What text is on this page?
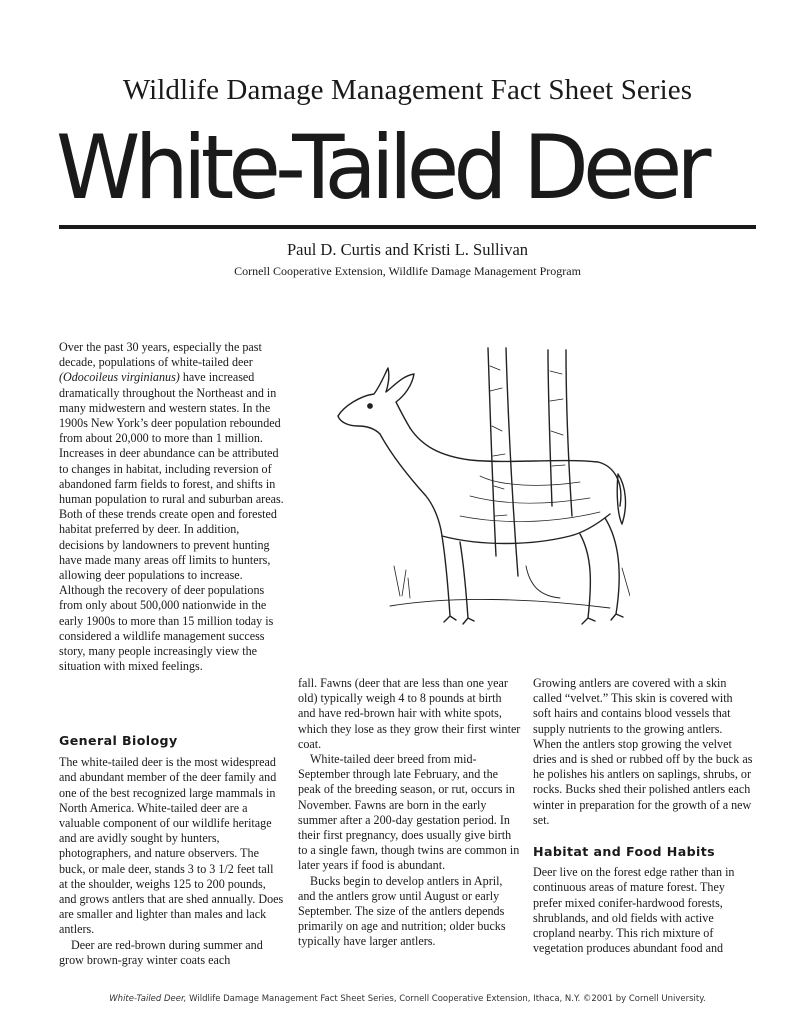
Wildlife Damage Management Fact Sheet Series
White-Tailed Deer
Paul D. Curtis and Kristi L. Sullivan
Cornell Cooperative Extension, Wildlife Damage Management Program

Over the past 30 years, especially the past decade, populations of white-tailed deer (Odocoileus virginianus) have increased dramatically throughout the Northeast and in many midwestern and western states. In the 1900s New York’s deer population rebounded from about 20,000 to more than 1 million. Increases in deer abundance can be attributed to changes in habitat, including reversion of abandoned farm fields to forest, and shifts in human population to rural and suburban areas. Both of these trends create open and forested habitat preferred by deer. In addition, decisions by landowners to prevent hunting have made many areas off limits to hunters, allowing deer populations to increase. Although the recovery of deer populations from only about 500,000 nationwide in the early 1900s to more than 15 million today is considered a wildlife management success story, many people increasingly view the situation with mixed feelings.

General Biology

The white-tailed deer is the most widespread and abundant member of the deer family and one of the best recognized large mammals in North America. White-tailed deer are a valuable component of our wildlife heritage and are avidly sought by hunters, photographers, and nature observers. The buck, or male deer, stands 3 to 3 1/2 feet tall at the shoulder, weighs 125 to 200 pounds, and grows antlers that are shed annually. Does are smaller and lighter than males and lack antlers.

Deer are red-brown during summer and grow brown-gray winter coats each

fall. Fawns (deer that are less than one year old) typically weigh 4 to 8 pounds at birth and have red-brown hair with white spots, which they lose as they grow their first winter coat.

White-tailed deer breed from mid-September through late February, and the peak of the breeding season, or rut, occurs in November. Fawns are born in the early summer after a 200-day gestation period. In their first pregnancy, does usually give birth to a single fawn, though twins are common in later years if food is abundant.

Bucks begin to develop antlers in April, and the antlers grow until August or early September. The size of the antlers depends primarily on age and nutrition; older bucks typically have larger antlers.

Growing antlers are covered with a skin called “velvet.” This skin is covered with soft hairs and contains blood vessels that supply nutrients to the growing antlers. When the antlers stop growing the velvet dries and is shed or rubbed off by the buck as he polishes his antlers on saplings, shrubs, or rocks. Bucks shed their polished antlers each winter in preparation for the growth of a new set.

Habitat and Food Habits

Deer live on the forest edge rather than in continuous areas of mature forest. They prefer mixed conifer-hardwood forests, shrublands, and old fields with active cropland nearby. This rich mixture of vegetation produces abundant food and

White-Tailed Deer, Wildlife Damage Management Fact Sheet Series, Cornell Cooperative Extension, Ithaca, N.Y. ©2001 by Cornell University.
